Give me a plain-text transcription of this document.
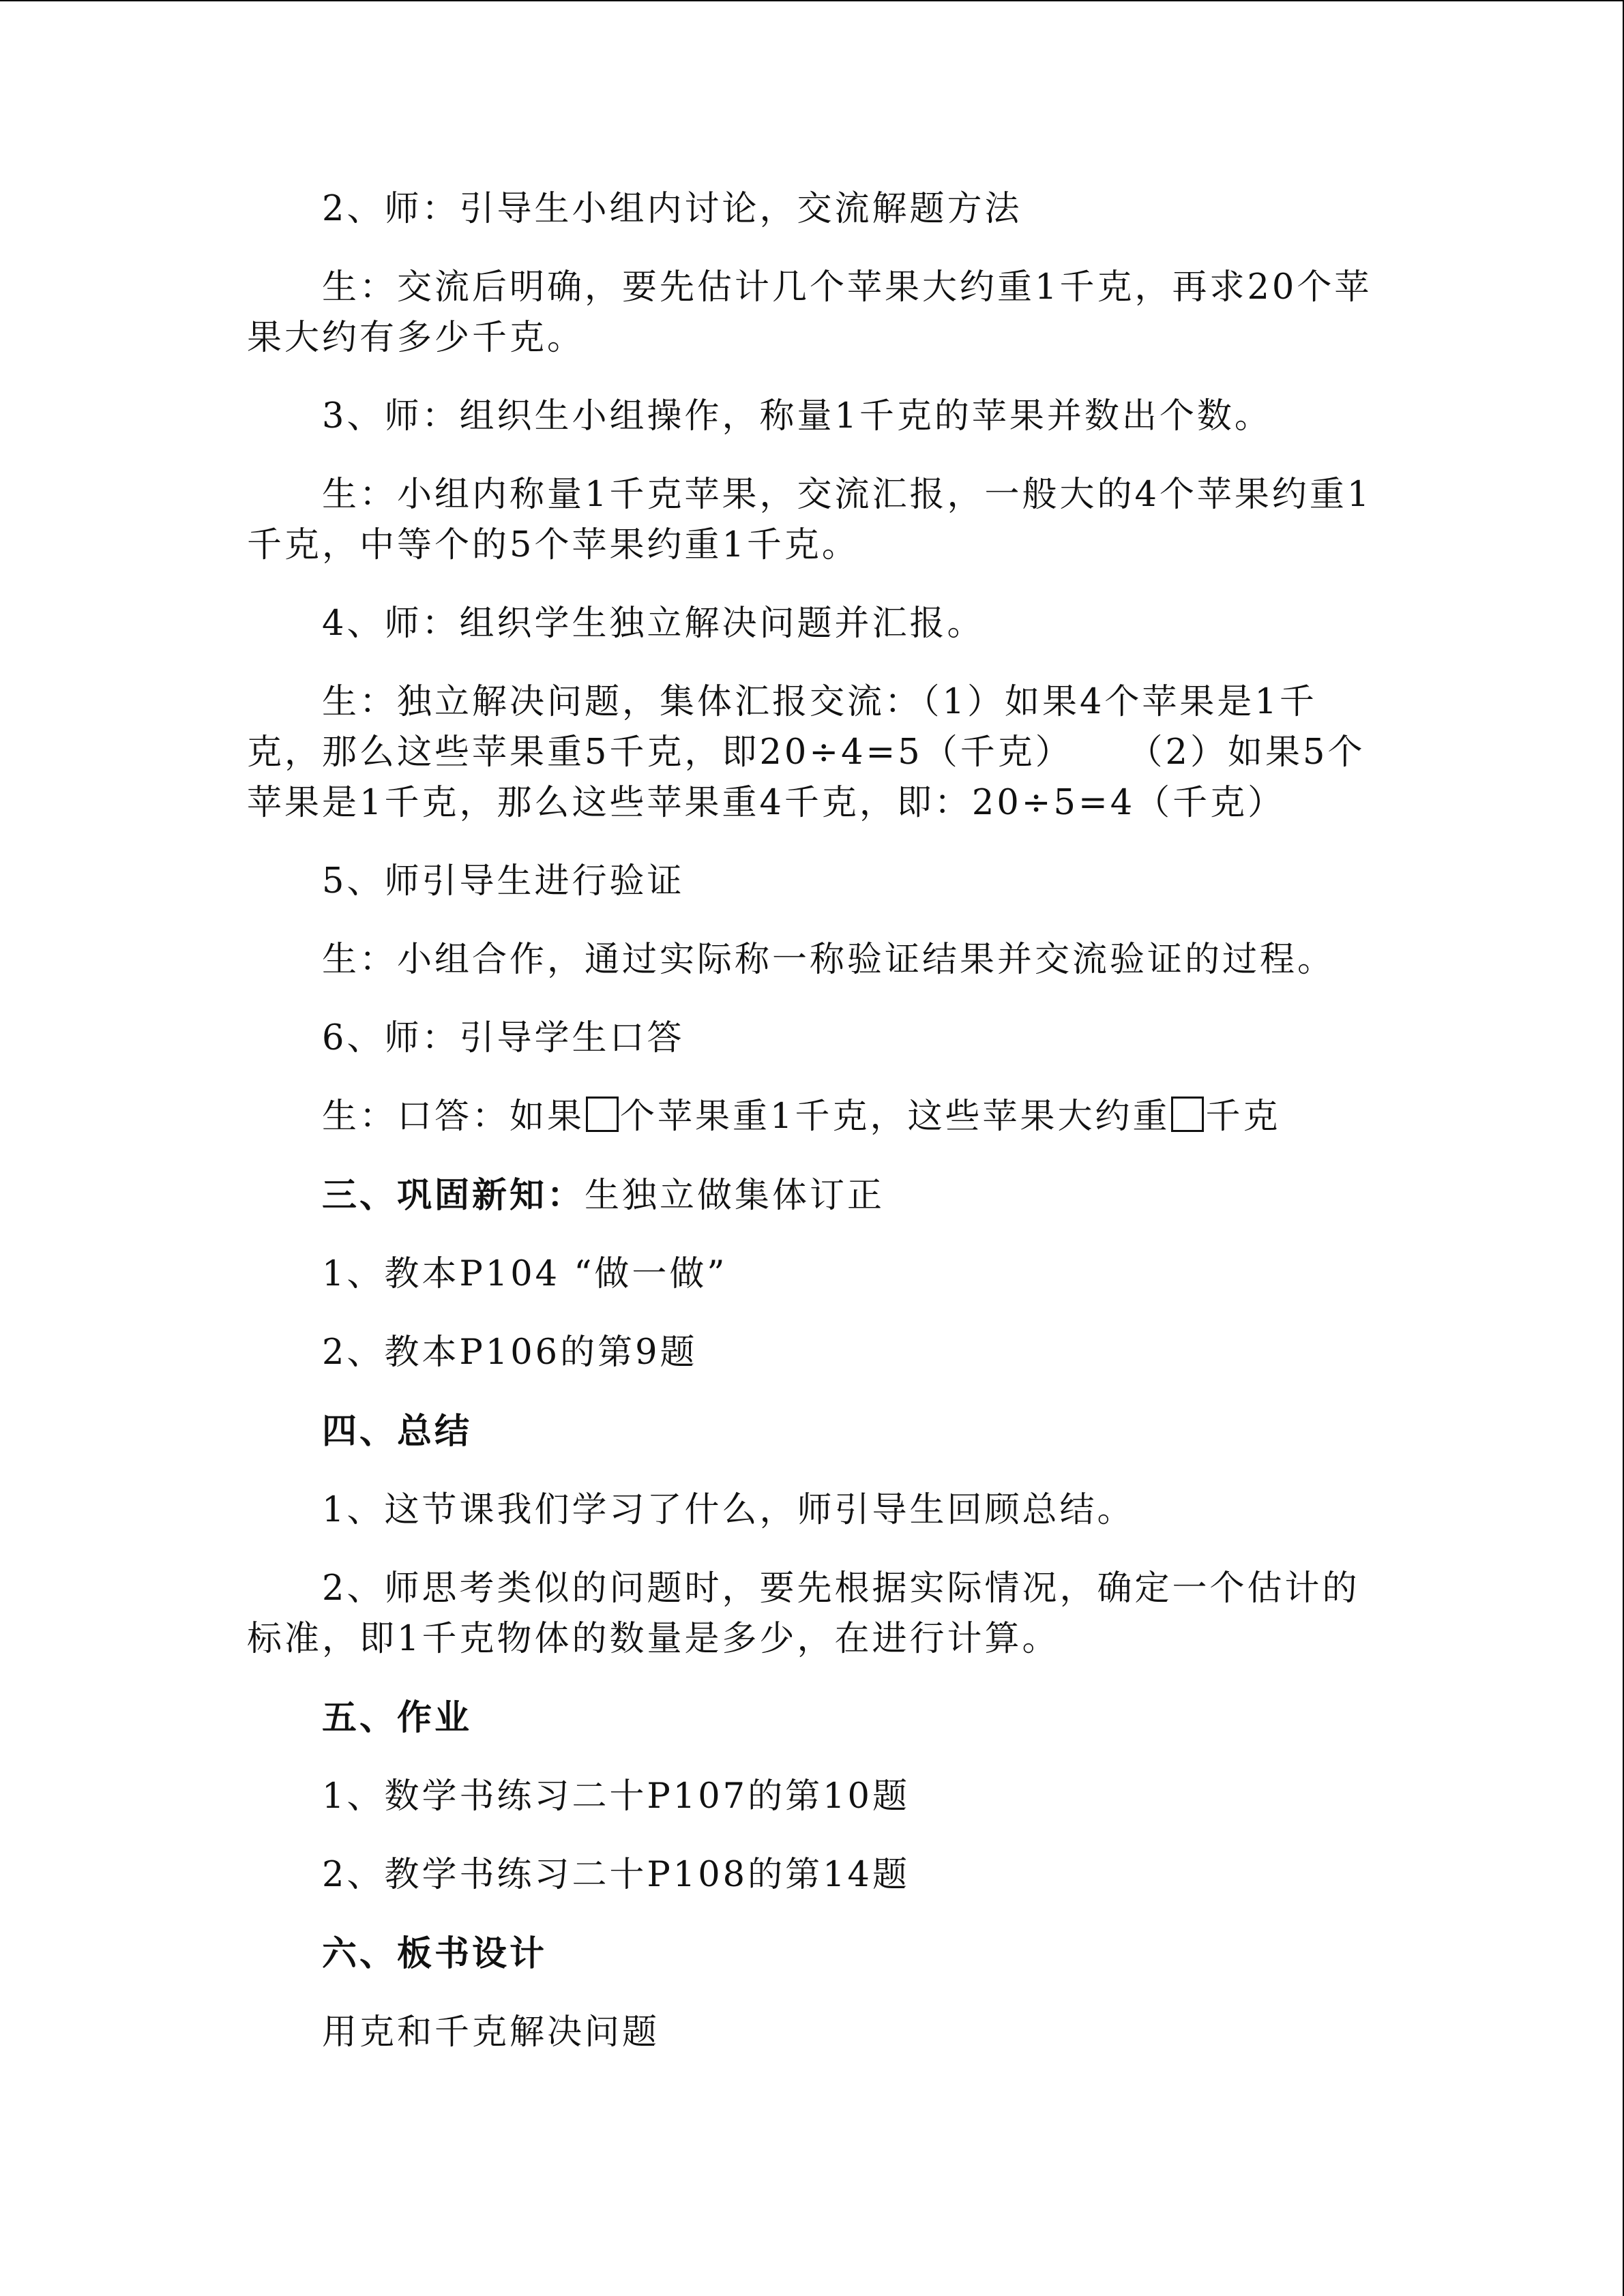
2、师：引导生小组内讨论，交流解题方法

生：交流后明确，要先估计几个苹果大约重1千克，再求20个苹果大约有多少千克。

3、师：组织生小组操作，称量1千克的苹果并数出个数。

生：小组内称量1千克苹果，交流汇报，一般大的4个苹果约重1千克，中等个的5个苹果约重1千克。

4、师：组织学生独立解决问题并汇报。

生：独立解决问题，集体汇报交流：（1）如果4个苹果是1千克，那么这些苹果重5千克，即20÷4=5（千克）    （2）如果5个苹果是1千克，那么这些苹果重4千克，即：20÷5=4（千克）

5、师引导生进行验证

生：小组合作，通过实际称一称验证结果并交流验证的过程。

6、师：引导学生口答

生：口答：如果 个苹果重1千克，这些苹果大约重 千克

三、巩固新知：生独立做集体订正

1、教本P104 “做一做”

2、教本P106的第9题

四、总结

1、这节课我们学习了什么，师引导生回顾总结。

2、师思考类似的问题时，要先根据实际情况，确定一个估计的标准，即1千克物体的数量是多少，在进行计算。

五、作业

1、数学书练习二十P107的第10题

2、教学书练习二十P108的第14题

六、板书设计

用克和千克解决问题
